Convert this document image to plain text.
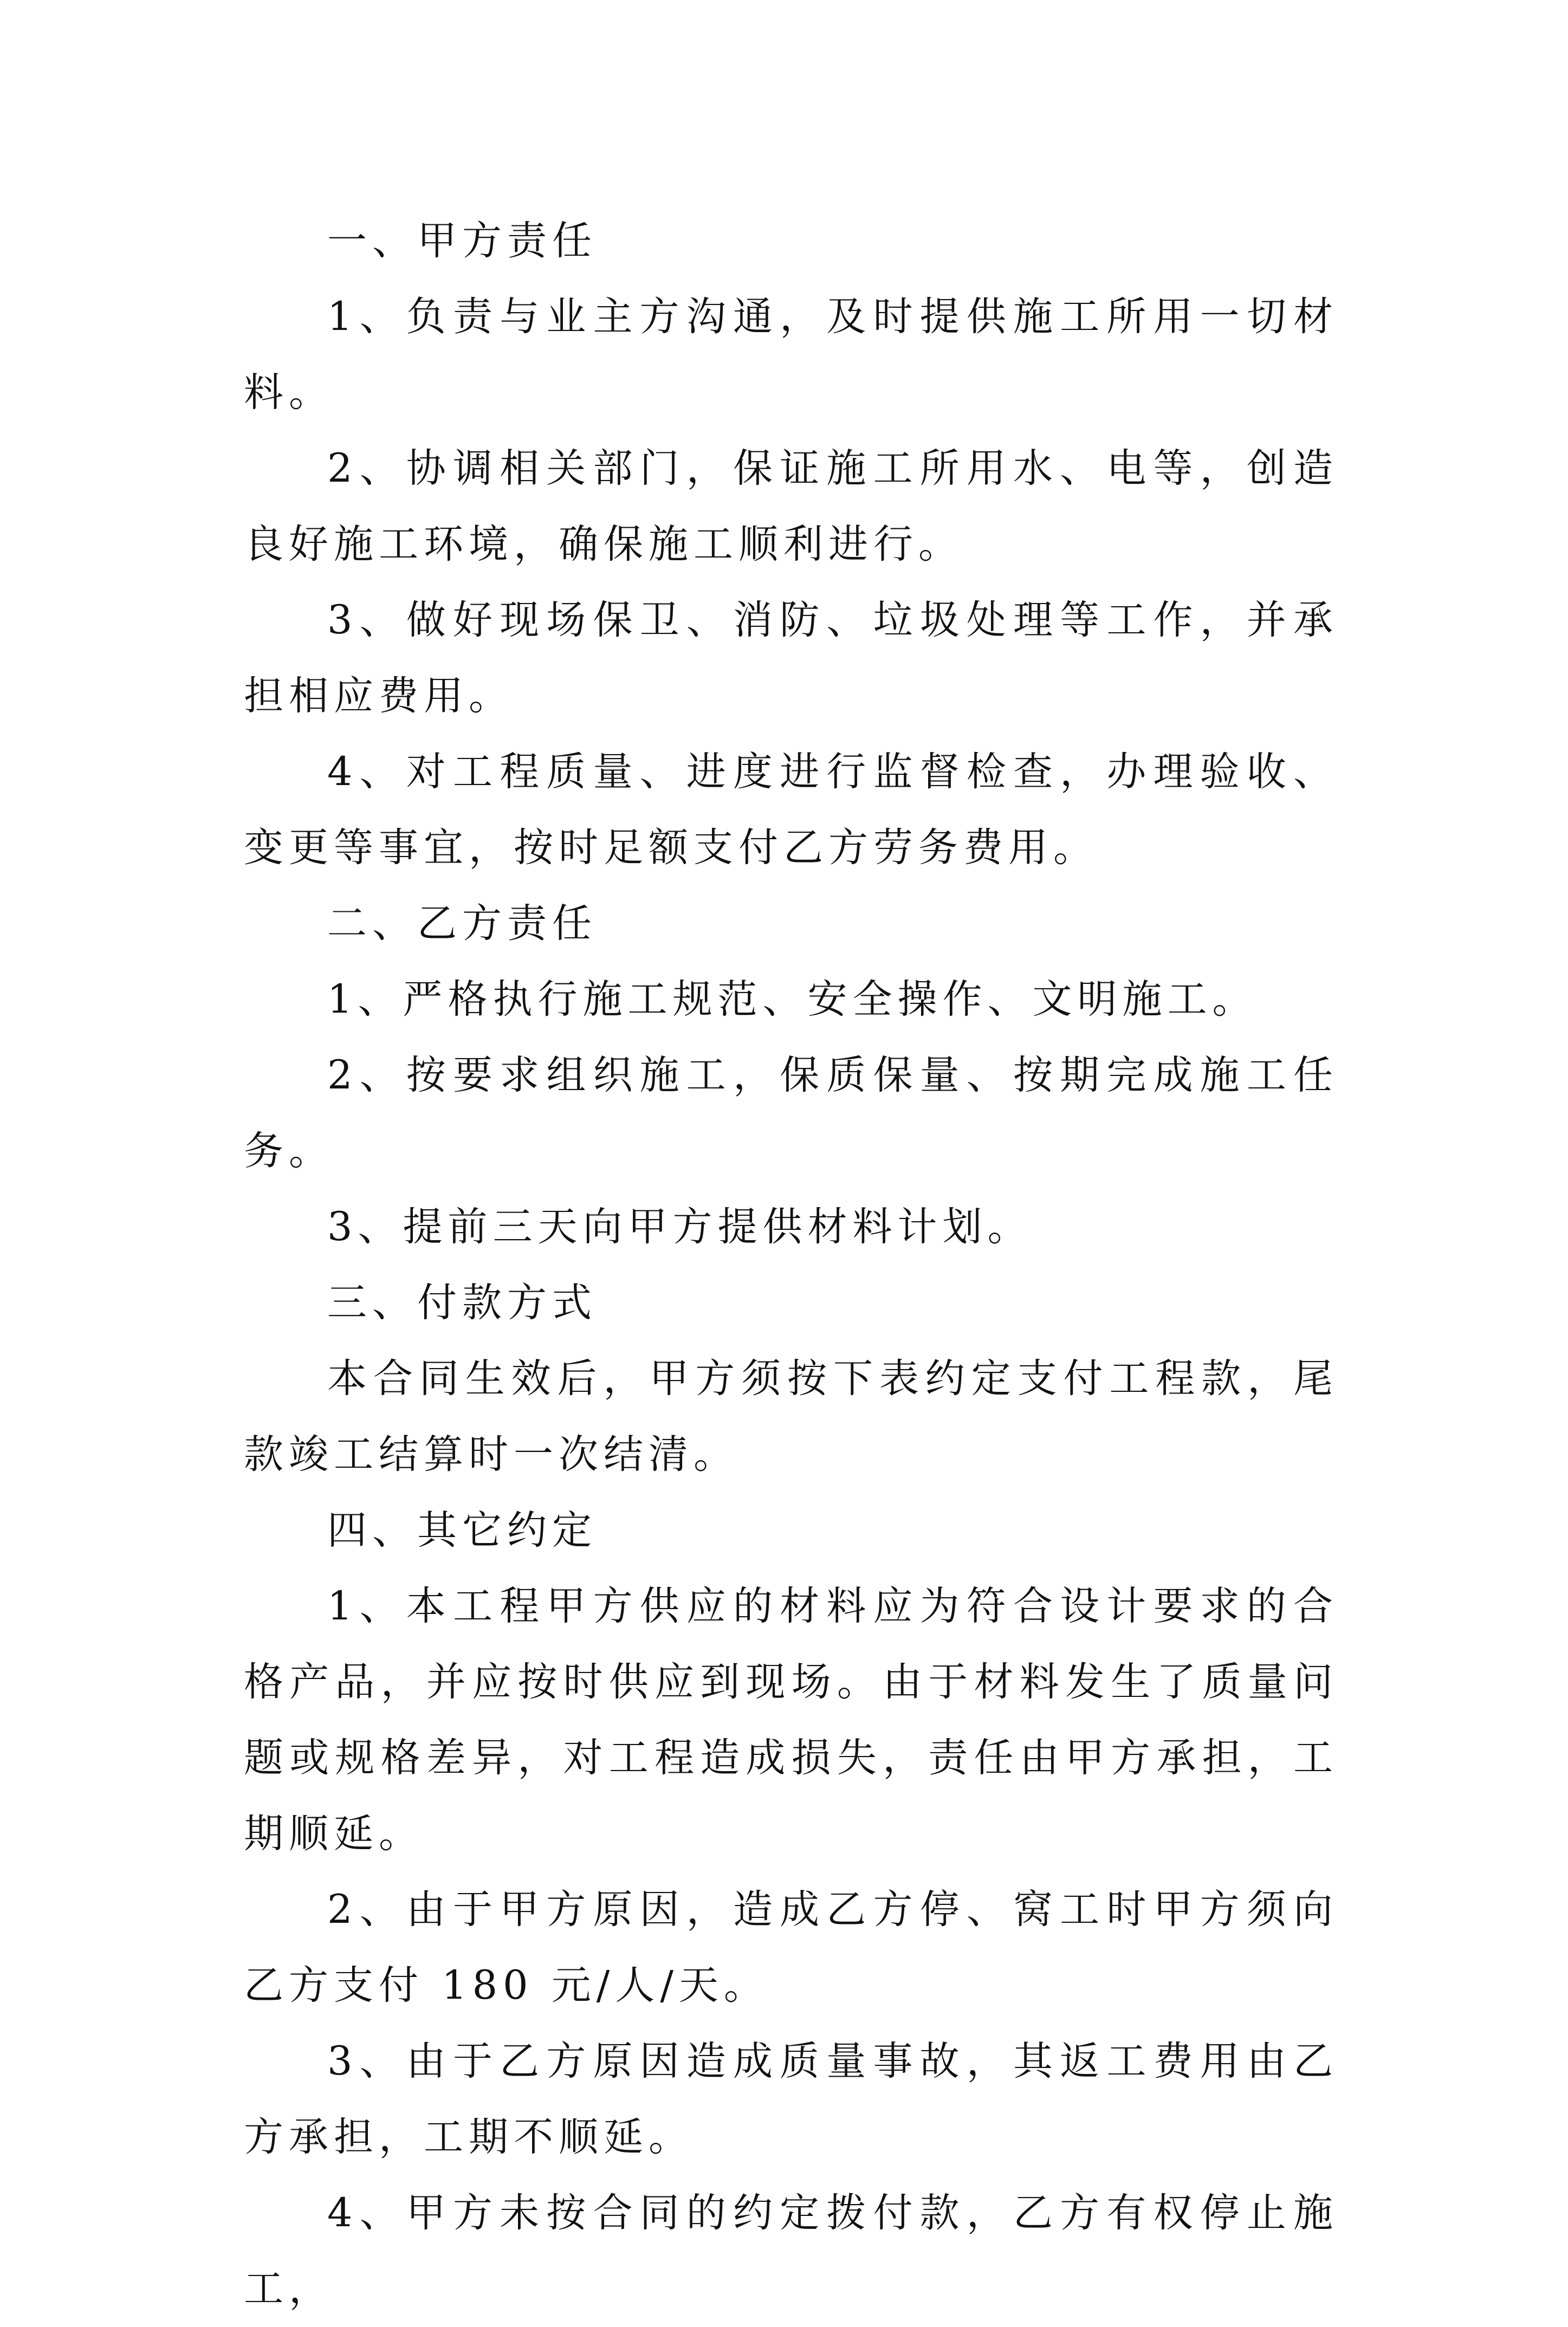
一、甲方责任

1、负责与业主方沟通，及时提供施工所用一切材料。

2、协调相关部门，保证施工所用水、电等，创造良好施工环境，确保施工顺利进行。

3、做好现场保卫、消防、垃圾处理等工作，并承担相应费用。

4、对工程质量、进度进行监督检查，办理验收、变更等事宜，按时足额支付乙方劳务费用。

二、乙方责任

1、严格执行施工规范、安全操作、文明施工。

2、按要求组织施工，保质保量、按期完成施工任务。

3、提前三天向甲方提供材料计划。

三、付款方式

本合同生效后，甲方须按下表约定支付工程款，尾款竣工结算时一次结清。

四、其它约定

1、本工程甲方供应的材料应为符合设计要求的合格产品，并应按时供应到现场。由于材料发生了质量问题或规格差异，对工程造成损失，责任由甲方承担，工期顺延。

2、由于甲方原因，造成乙方停、窝工时甲方须向乙方支付 180 元/人/天。

3、由于乙方原因造成质量事故，其返工费用由乙方承担，工期不顺延。

4、甲方未按合同的约定拨付款，乙方有权停止施工，
